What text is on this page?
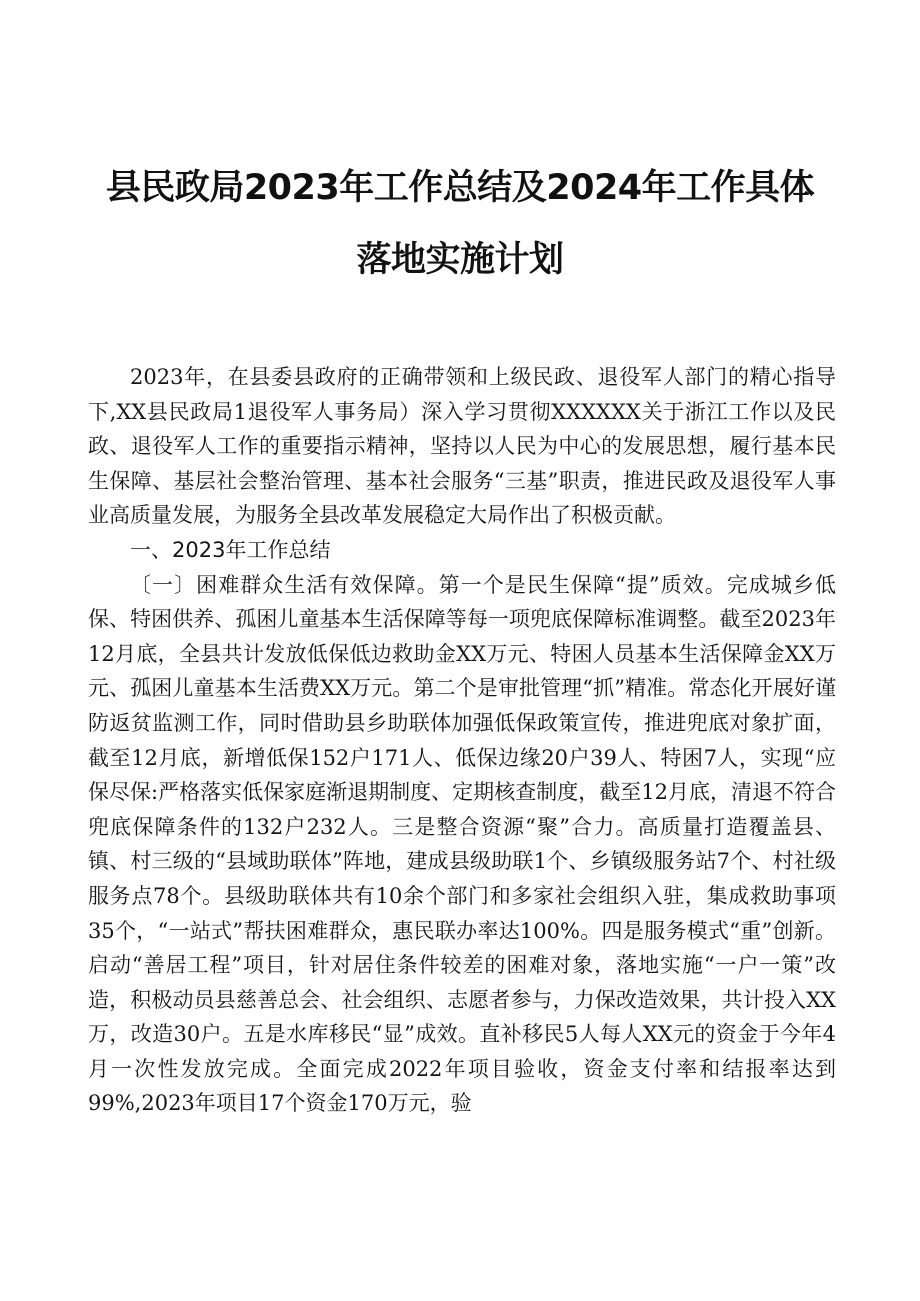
县民政局2023年工作总结及2024年工作具体
落地实施计划

2023年，在县委县政府的正确带领和上级民政、退役军人部门的精心指导下,XX县民政局1退役军人事务局）深入学习贯彻XXXXXX关于浙江工作以及民政、退役军人工作的重要指示精神，坚持以人民为中心的发展思想，履行基本民生保障、基层社会整治管理、基本社会服务“三基”职责，推进民政及退役军人事业高质量发展，为服务全县改革发展稳定大局作出了积极贡献。

一、2023年工作总结

〔一〕困难群众生活有效保障。第一个是民生保障“提”质效。完成城乡低保、特困供养、孤困儿童基本生活保障等每一项兜底保障标准调整。截至2023年12月底，全县共计发放低保低边救助金XX万元、特困人员基本生活保障金XX万元、孤困儿童基本生活费XX万元。第二个是审批管理“抓”精准。常态化开展好谨防返贫监测工作，同时借助县乡助联体加强低保政策宣传，推进兜底对象扩面，截至12月底，新增低保152户171人、低保边缘20户39人、特困7人，实现“应保尽保:严格落实低保家庭渐退期制度、定期核查制度，截至12月底，清退不符合兜底保障条件的132户232人。三是整合资源“聚”合力。高质量打造覆盖县、镇、村三级的“县域助联体”阵地，建成县级助联1个、乡镇级服务站7个、村社级服务点78个。县级助联体共有10余个部门和多家社会组织入驻，集成救助事项35个，“一站式”帮扶困难群众，惠民联办率达100%。四是服务模式“重”创新。启动“善居工程”项目，针对居住条件较差的困难对象，落地实施“一户一策”改造，积极动员县慈善总会、社会组织、志愿者参与，力保改造效果，共计投入XX万，改造30户。五是水库移民“显”成效。直补移民5人每人XX元的资金于今年4月一次性发放完成。全面完成2022年项目验收，资金支付率和结报率达到99%,2023年项目17个资金170万元，验
